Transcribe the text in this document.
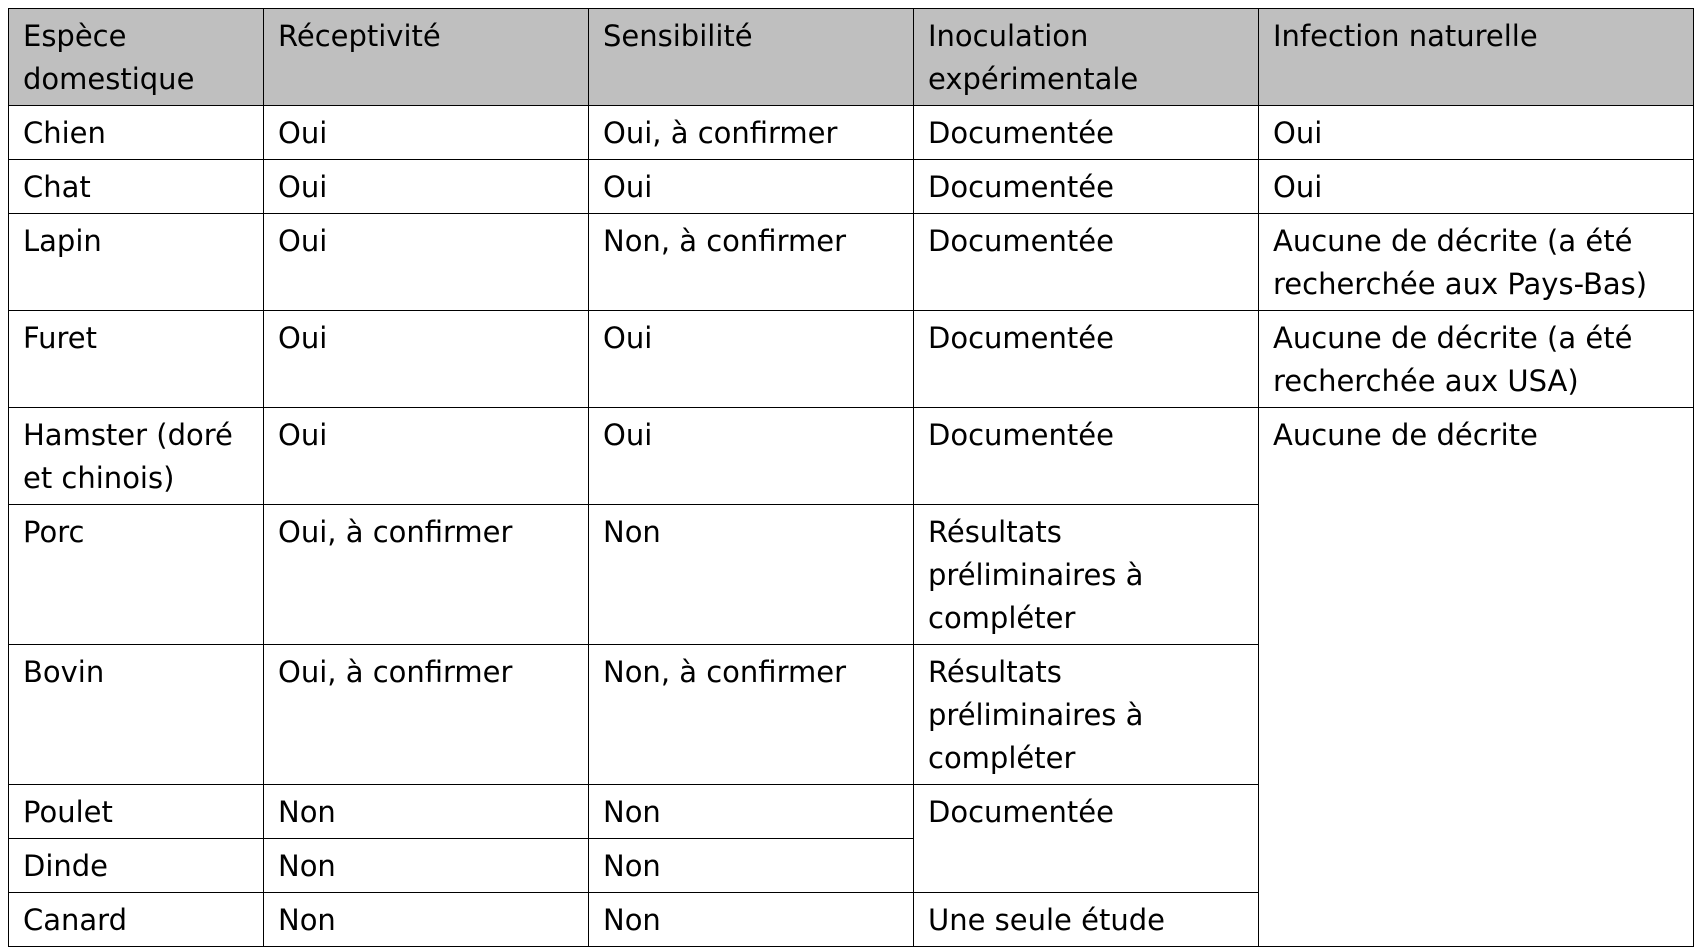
Espèce domestique	Réceptivité	Sensibilité	Inoculation expérimentale	Infection naturelle

Chien	Oui	Oui, à confirmer	Documentée	Oui
Chat	Oui	Oui	Documentée	Oui
Lapin	Oui	Non, à confirmer	Documentée	Aucune de décrite (a été recherchée aux Pays-Bas)
Furet	Oui	Oui	Documentée	Aucune de décrite (a été recherchée aux USA)
Hamster (doré et chinois)	Oui	Oui	Documentée	Aucune de décrite
Porc	Oui, à confirmer	Non	Résultats préliminaires à compléter	
Bovin	Oui, à confirmer	Non, à confirmer	Résultats préliminaires à compléter	
Poulet	Non	Non	Documentée	
Dinde	Non	Non		
Canard	Non	Non	Une seule étude	
